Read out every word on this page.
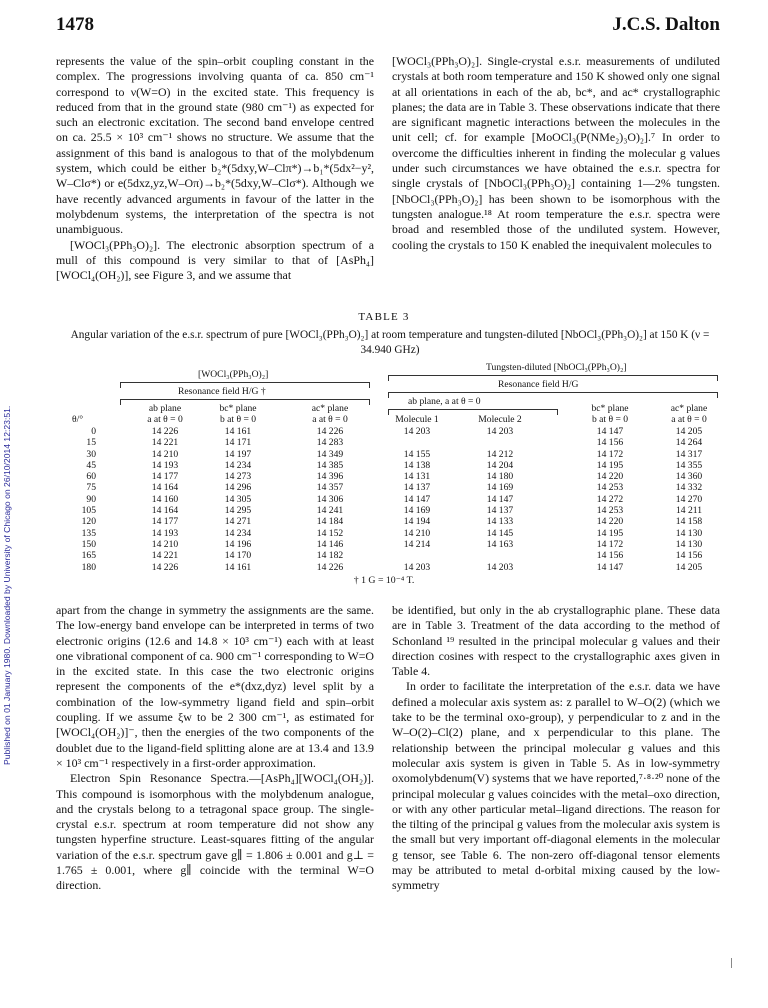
1478	J.C.S. Dalton
Published on 01 January 1980. Downloaded by University of Chicago on 26/10/2014 12:23:51.

represents the value of the spin–orbit coupling constant in the complex. The progressions involving quanta of ca. 850 cm⁻¹ correspond to ν(W=O) in the excited state. This frequency is reduced from that in the ground state (980 cm⁻¹) as expected for such an electronic excitation. The second band envelope centred on ca. 25.5 × 10³ cm⁻¹ shows no structure. We assume that the assignment of this band is analogous to that of the molybdenum system, which could be either b₂*(5dxy,W–Clπ*)→b₁*(5dx²−y², W–Clσ*) or e(5dxz,yz,W–Oπ)→b₂*(5dxy,W–Clσ*). Although we have recently advanced arguments in favour of the latter in the molybdenum systems, the interpretation of the spectra is not unambiguous.

[WOCl₃(PPh₃O)₂]. The electronic absorption spectrum of a mull of this compound is very similar to that of [AsPh₄][WOCl₄(OH₂)], see Figure 3, and we assume that

[WOCl₃(PPh₃O)₂]. Single-crystal e.s.r. measurements of undiluted crystals at both room temperature and 150 K showed only one signal at all orientations in each of the ab, bc*, and ac* crystallographic planes; the data are in Table 3. These observations indicate that there are significant magnetic interactions between the molecules in the unit cell; cf. for example [MoOCl₃(P(NMe₂)₃O)₂].⁷ In order to overcome the difficulties inherent in finding the molecular g values under such circumstances we have obtained the e.s.r. spectra for single crystals of [NbOCl₃(PPh₃O)₂] containing 1—2% tungsten. [NbOCl₃(PPh₃O)₂] has been shown to be isomorphous with the tungsten analogue.¹⁸ At room temperature the e.s.r. spectra were broad and resembled those of the undiluted system. However, cooling the crystals to 150 K enabled the inequivalent molecules to

TABLE 3
Angular variation of the e.s.r. spectrum of pure [WOCl₃(PPh₃O)₂] at room temperature and tungsten-diluted [NbOCl₃(PPh₃O)₂] at 150 K (ν = 34.940 GHz)
[WOCl₃(PPh₃O)₂]
Resonance field H/G †
Tungsten-diluted [NbOCl₃(PPh₃O)₂]
Resonance field H/G
ab plane, a at θ = 0
θ/°
0
15
30
45
60
75
90
105
120
135
150
165
180
ab plane
a at θ = 0
14 226
14 221
14 210
14 193
14 177
14 164
14 160
14 164
14 177
14 193
14 210
14 221
14 226
bc* plane
b at θ = 0
14 161
14 171
14 197
14 234
14 273
14 296
14 305
14 295
14 271
14 234
14 196
14 170
14 161
ac* plane
a at θ = 0
14 226
14 283
14 349
14 385
14 396
14 357
14 306
14 241
14 184
14 152
14 146
14 182
14 226
Molecule 1
14 203

14 155
14 138
14 131
14 137
14 147
14 169
14 194
14 210
14 214

14 203
Molecule 2
14 203

14 212
14 204
14 180
14 169
14 147
14 137
14 133
14 145
14 163

14 203
bc* plane
b at θ = 0
14 147
14 156
14 172
14 195
14 220
14 253
14 272
14 253
14 220
14 195
14 172
14 156
14 147
ac* plane
a at θ = 0
14 205
14 264
14 317
14 355
14 360
14 332
14 270
14 211
14 158
14 130
14 130
14 156
14 205
† 1 G = 10⁻⁴ T.

apart from the change in symmetry the assignments are the same. The low-energy band envelope can be interpreted in terms of two electronic origins (12.6 and 14.8 × 10³ cm⁻¹) each with at least one vibrational component of ca. 900 cm⁻¹ corresponding to W=O in the excited state. In this case the two electronic origins represent the components of the e*(dxz,dyz) level split by a combination of the low-symmetry ligand field and spin–orbit coupling. If we assume ξw to be 2 300 cm⁻¹, as estimated for [WOCl₄(OH₂)]⁻, then the energies of the two components of the doublet due to the ligand-field splitting alone are at 13.4 and 13.9 × 10³ cm⁻¹ respectively in a first-order approximation.

Electron Spin Resonance Spectra.—[AsPh₄][WOCl₄(OH₂)]. This compound is isomorphous with the molybdenum analogue, and the crystals belong to a tetragonal space group. The single-crystal e.s.r. spectrum at room temperature did not show any tungsten hyperfine structure. Least-squares fitting of the angular variation of the e.s.r. spectrum gave g∥ = 1.806 ± 0.001 and g⊥ = 1.765 ± 0.001, where g∥ coincide with the terminal W=O direction.

be identified, but only in the ab crystallographic plane. These data are in Table 3. Treatment of the data according to the method of Schonland ¹⁹ resulted in the principal molecular g values and their direction cosines with respect to the crystallographic axes given in Table 4.

In order to facilitate the interpretation of the e.s.r. data we have defined a molecular axis system as: z parallel to W–O(2) (which we take to be the terminal oxo-group), y perpendicular to z and in the W–O(2)–Cl(2) plane, and x perpendicular to this plane. The relationship between the principal molecular g values and this molecular axis system is given in Table 5. As in low-symmetry oxomolybdenum(V) systems that we have reported,⁷·⁸·²⁰ none of the principal molecular g values coincides with the metal–oxo direction, or with any other particular metal–ligand directions. The reason for the tilting of the principal g values from the molecular axis system is the small but very important off-diagonal elements in the molecular g tensor, see Table 6. The non-zero off-diagonal tensor elements may be attributed to metal d-orbital mixing caused by the low-symmetry
